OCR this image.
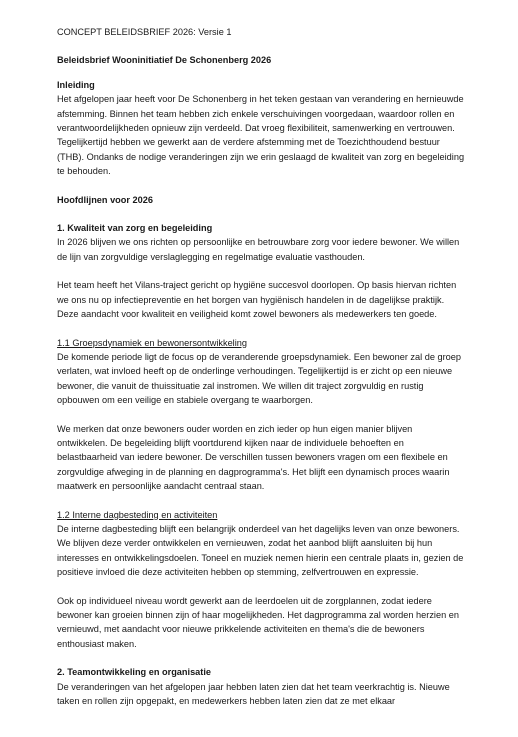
CONCEPT BELEIDSBRIEF 2026: Versie 1

Beleidsbrief Wooninitiatief De Schonenberg 2026

Inleiding

Het afgelopen jaar heeft voor De Schonenberg in het teken gestaan van verandering en hernieuwde afstemming. Binnen het team hebben zich enkele verschuivingen voorgedaan, waardoor rollen en verantwoordelijkheden opnieuw zijn verdeeld. Dat vroeg flexibiliteit, samenwerking en vertrouwen. Tegelijkertijd hebben we gewerkt aan de verdere afstemming met de Toezichthoudend bestuur (THB). Ondanks de nodige veranderingen zijn we erin geslaagd de kwaliteit van zorg en begeleiding te behouden.

Hoofdlijnen voor 2026

1. Kwaliteit van zorg en begeleiding

In 2026 blijven we ons richten op persoonlijke en betrouwbare zorg voor iedere bewoner. We willen de lijn van zorgvuldige verslaglegging en regelmatige evaluatie vasthouden.

Het team heeft het Vilans-traject gericht op hygiëne succesvol doorlopen. Op basis hiervan richten we ons nu op infectiepreventie en het borgen van hygiënisch handelen in de dagelijkse praktijk. Deze aandacht voor kwaliteit en veiligheid komt zowel bewoners als medewerkers ten goede.

1.1 Groepsdynamiek en bewonersontwikkeling

De komende periode ligt de focus op de veranderende groepsdynamiek. Een bewoner zal de groep verlaten, wat invloed heeft op de onderlinge verhoudingen. Tegelijkertijd is er zicht op een nieuwe bewoner, die vanuit de thuissituatie zal instromen. We willen dit traject zorgvuldig en rustig opbouwen om een veilige en stabiele overgang te waarborgen.

We merken dat onze bewoners ouder worden en zich ieder op hun eigen manier blijven ontwikkelen. De begeleiding blijft voortdurend kijken naar de individuele behoeften en belastbaarheid van iedere bewoner. De verschillen tussen bewoners vragen om een flexibele en zorgvuldige afweging in de planning en dagprogramma's. Het blijft een dynamisch proces waarin maatwerk en persoonlijke aandacht centraal staan.

1.2 Interne dagbesteding en activiteiten

De interne dagbesteding blijft een belangrijk onderdeel van het dagelijks leven van onze bewoners. We blijven deze verder ontwikkelen en vernieuwen, zodat het aanbod blijft aansluiten bij hun interesses en ontwikkelingsdoelen. Toneel en muziek nemen hierin een centrale plaats in, gezien de positieve invloed die deze activiteiten hebben op stemming, zelfvertrouwen en expressie.

Ook op individueel niveau wordt gewerkt aan de leerdoelen uit de zorgplannen, zodat iedere bewoner kan groeien binnen zijn of haar mogelijkheden. Het dagprogramma zal worden herzien en vernieuwd, met aandacht voor nieuwe prikkelende activiteiten en thema's die de bewoners enthousiast maken.

2. Teamontwikkeling en organisatie

De veranderingen van het afgelopen jaar hebben laten zien dat het team veerkrachtig is. Nieuwe taken en rollen zijn opgepakt, en medewerkers hebben laten zien dat ze met elkaar
